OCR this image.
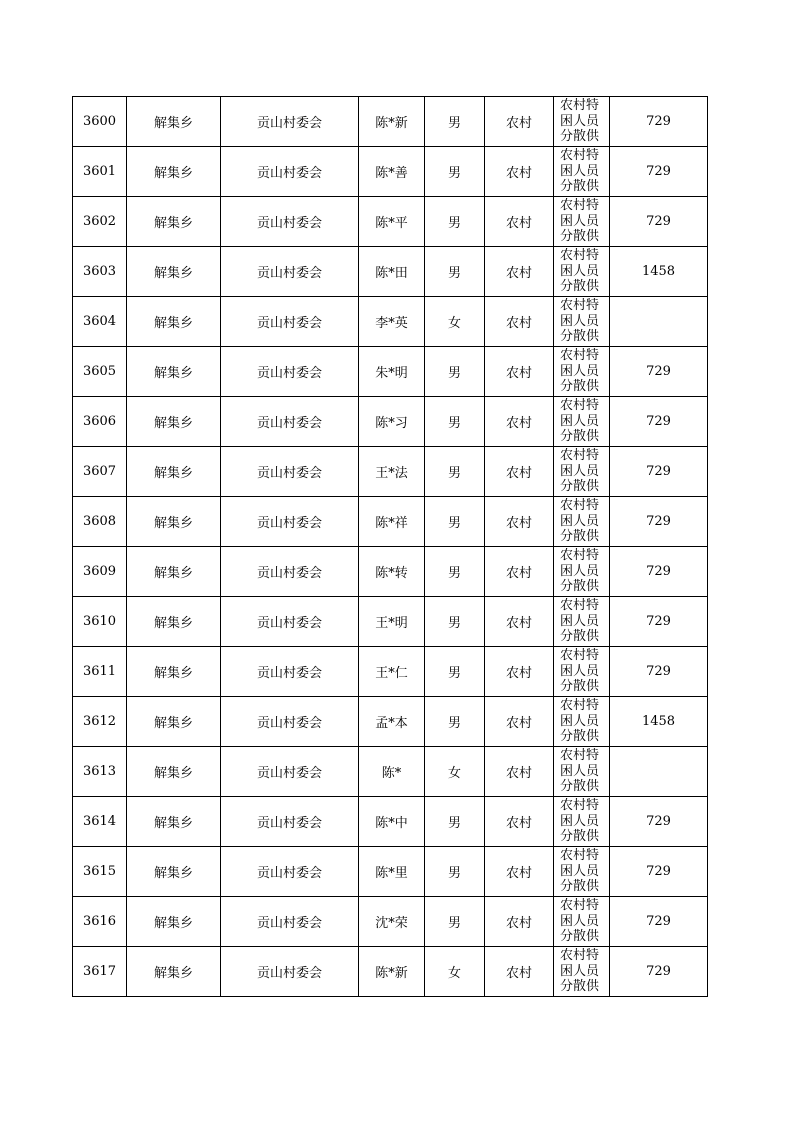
3600	解集乡	贡山村委会	陈*新	男	农村	农村特困人员分散供	729
3601	解集乡	贡山村委会	陈*善	男	农村	农村特困人员分散供	729
3602	解集乡	贡山村委会	陈*平	男	农村	农村特困人员分散供	729
3603	解集乡	贡山村委会	陈*田	男	农村	农村特困人员分散供	1458
3604	解集乡	贡山村委会	李*英	女	农村	农村特困人员分散供	

3605	解集乡	贡山村委会	朱*明	男	农村	农村特困人员分散供	729
3606	解集乡	贡山村委会	陈*习	男	农村	农村特困人员分散供	729
3607	解集乡	贡山村委会	王*法	男	农村	农村特困人员分散供	729
3608	解集乡	贡山村委会	陈*祥	男	农村	农村特困人员分散供	729
3609	解集乡	贡山村委会	陈*转	男	农村	农村特困人员分散供	729
3610	解集乡	贡山村委会	王*明	男	农村	农村特困人员分散供	729
3611	解集乡	贡山村委会	王*仁	男	农村	农村特困人员分散供	729
3612	解集乡	贡山村委会	孟*本	男	农村	农村特困人员分散供	1458
3613	解集乡	贡山村委会	陈*	女	农村	农村特困人员分散供	

3614	解集乡	贡山村委会	陈*中	男	农村	农村特困人员分散供	729
3615	解集乡	贡山村委会	陈*里	男	农村	农村特困人员分散供	729
3616	解集乡	贡山村委会	沈*荣	男	农村	农村特困人员分散供	729
3617	解集乡	贡山村委会	陈*新	女	农村	农村特困人员分散供	729
